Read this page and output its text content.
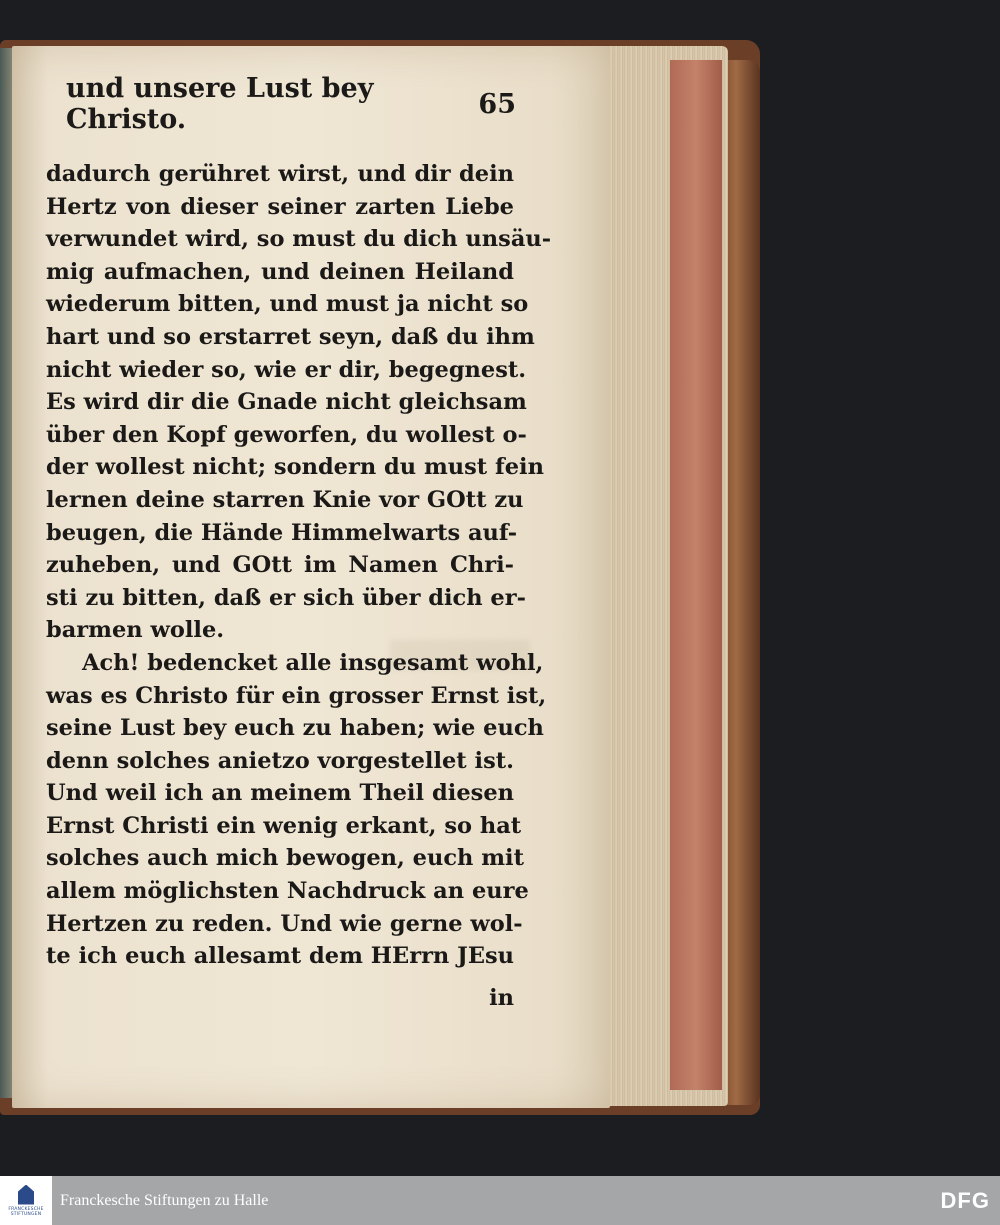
und unsere Lust bey Christo.	65
dadurch gerühret wirst, und dir dein
Hertz von dieser seiner zarten Liebe
verwundet wird, so must du dich unsäu-
mig aufmachen, und deinen Heiland
wiederum bitten, und must ja nicht so
hart und so erstarret seyn, daß du ihm
nicht wieder so, wie er dir, begegnest.
Es wird dir die Gnade nicht gleichsam
über den Kopf geworfen, du wollest o-
der wollest nicht; sondern du must fein
lernen deine starren Knie vor GOtt zu
beugen, die Hände Himmelwarts auf-
zuheben, und GOtt im Namen Chri-
sti zu bitten, daß er sich über dich er-
barmen wolle.
Ach! bedencket alle insgesamt wohl,
was es Christo für ein grosser Ernst ist,
seine Lust bey euch zu haben; wie euch
denn solches anietzo vorgestellet ist.
Und weil ich an meinem Theil diesen
Ernst Christi ein wenig erkant, so hat
solches auch mich bewogen, euch mit
allem möglichsten Nachdruck an eure
Hertzen zu reden. Und wie gerne wol-
te ich euch allesamt dem HErrn JEsu
in
FRANCKESCHE STIFTUNGEN
Franckesche Stiftungen zu Halle	DFG
